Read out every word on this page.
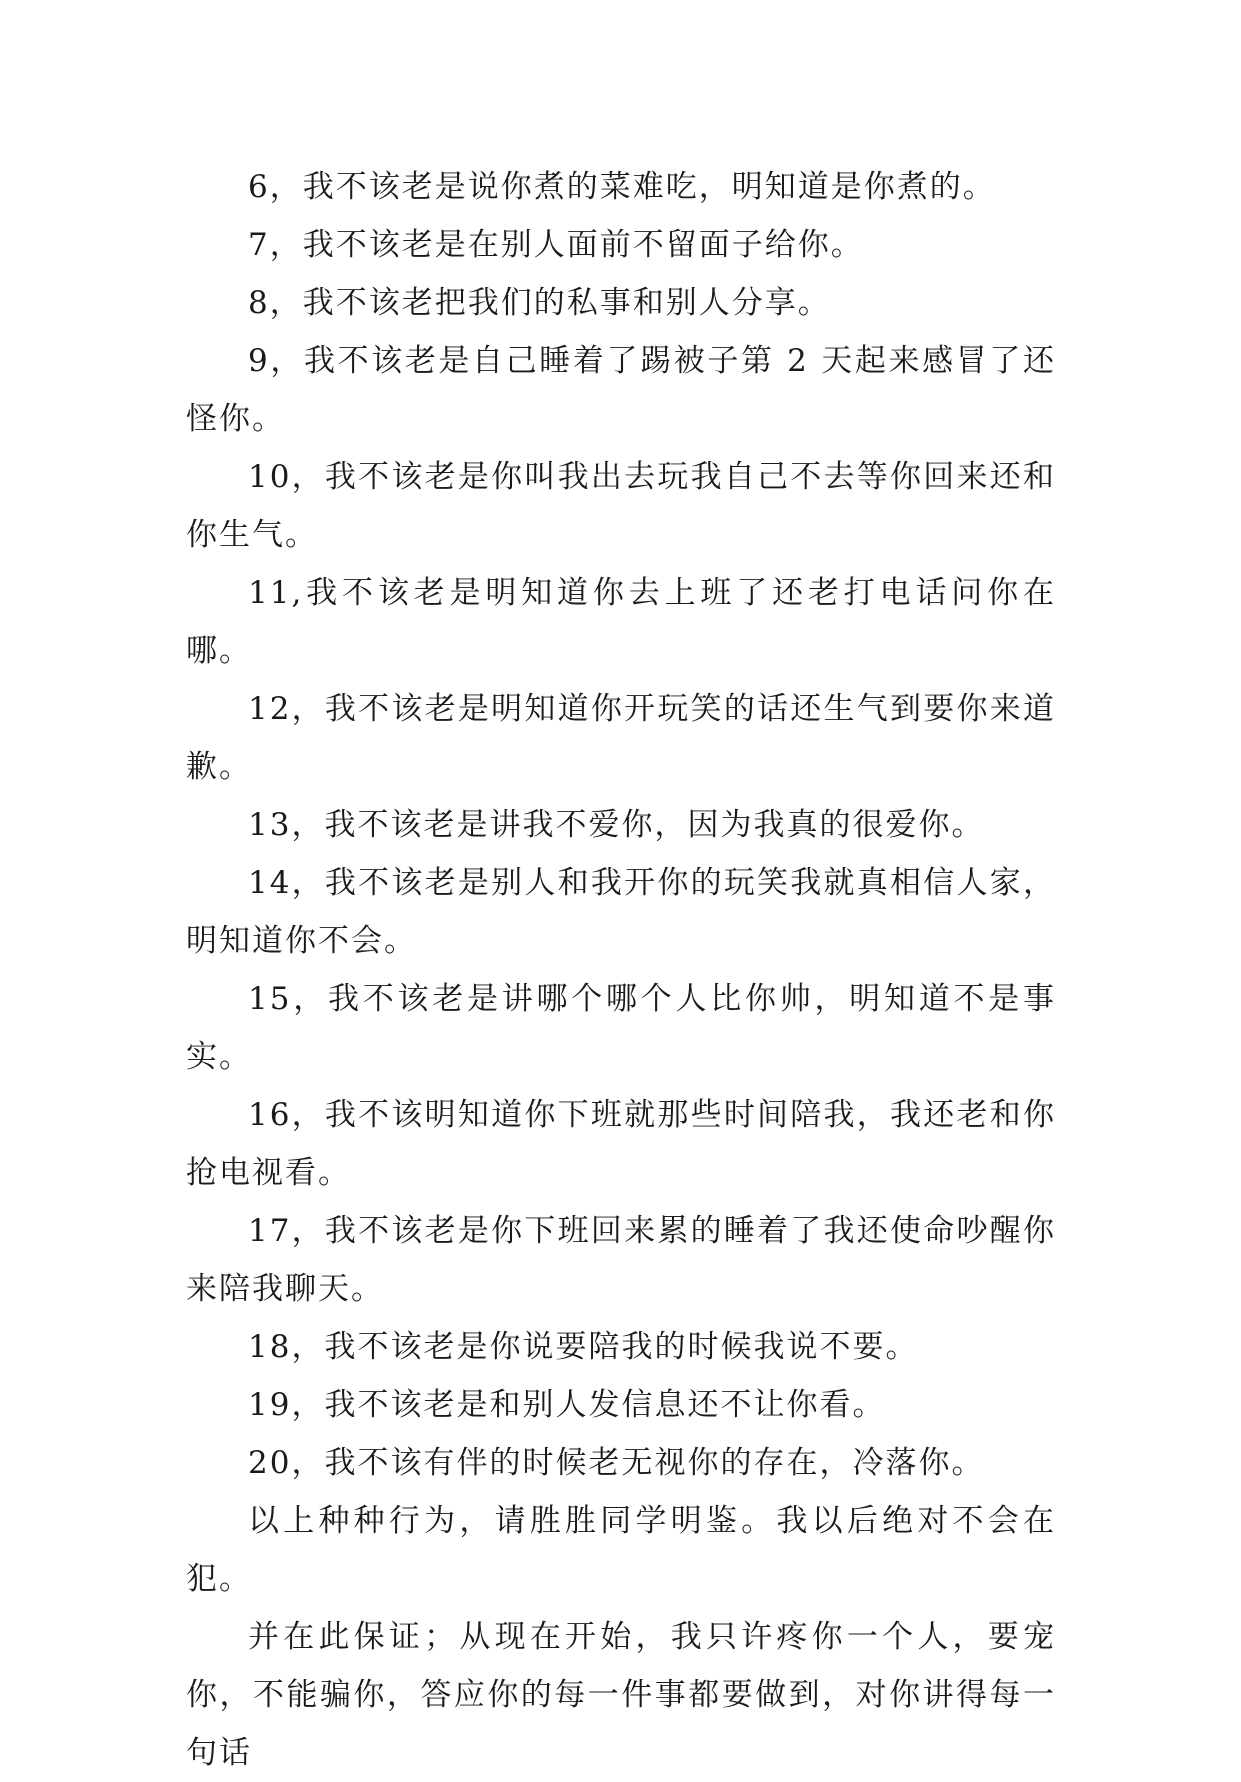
6，我不该老是说你煮的菜难吃，明知道是你煮的。

7，我不该老是在别人面前不留面子给你。

8，我不该老把我们的私事和别人分享。

9，我不该老是自己睡着了踢被子第 2 天起来感冒了还怪你。

10，我不该老是你叫我出去玩我自己不去等你回来还和你生气。

11,我不该老是明知道你去上班了还老打电话问你在哪。

12，我不该老是明知道你开玩笑的话还生气到要你来道歉。

13，我不该老是讲我不爱你，因为我真的很爱你。

14，我不该老是别人和我开你的玩笑我就真相信人家，明知道你不会。

15，我不该老是讲哪个哪个人比你帅，明知道不是事实。

16，我不该明知道你下班就那些时间陪我，我还老和你抢电视看。

17，我不该老是你下班回来累的睡着了我还使命吵醒你来陪我聊天。

18，我不该老是你说要陪我的时候我说不要。

19，我不该老是和别人发信息还不让你看。

20，我不该有伴的时候老无视你的存在，冷落你。

以上种种行为，请胜胜同学明鉴。我以后绝对不会在犯。

并在此保证；从现在开始，我只许疼你一个人，要宠你，不能骗你，答应你的每一件事都要做到，对你讲得每一句话
